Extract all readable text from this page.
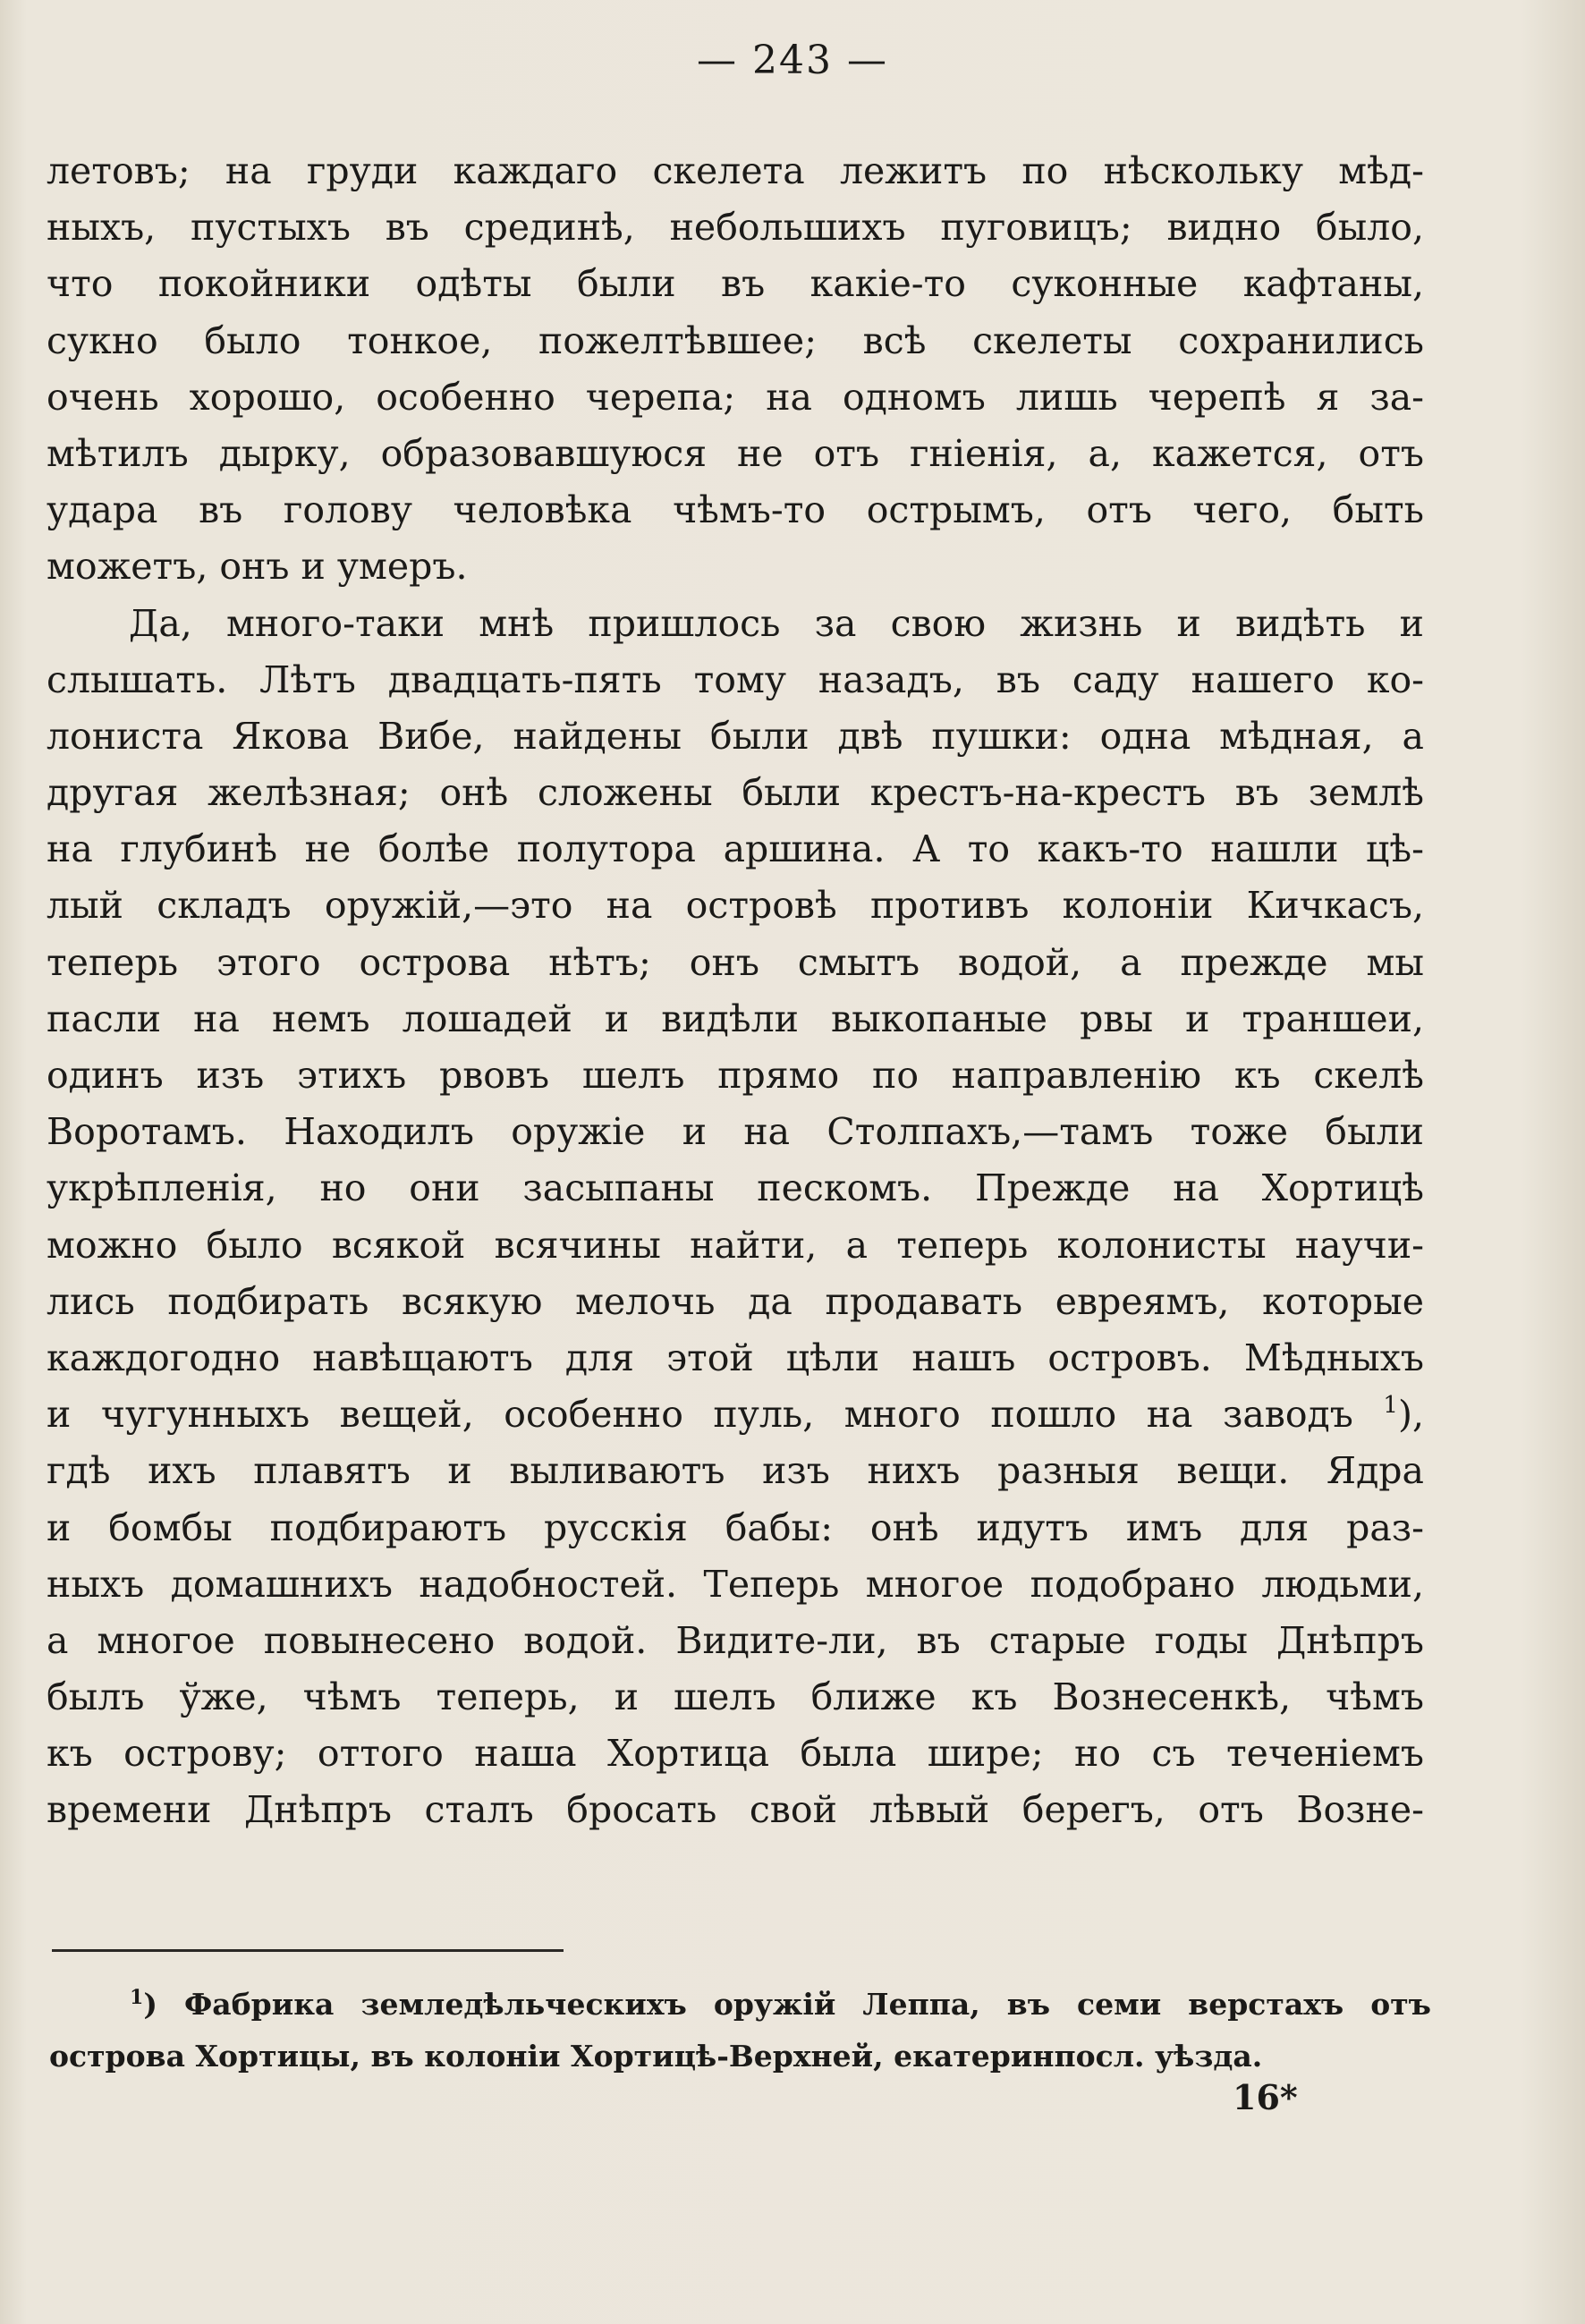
— 243 —
летовъ; на груди каждаго скелета лежитъ по нѣскольку мѣд-
ныхъ, пустыхъ въ срединѣ, небольшихъ пуговицъ; видно было,
что покойники одѣты были въ какіе-то суконные кафтаны,
сукно было тонкое, пожелтѣвшее; всѣ скелеты сохранились
очень хорошо, особенно черепа; на одномъ лишь черепѣ я за-
мѣтилъ дырку, образовавшуюся не отъ гніенія, а, кажется, отъ
удара въ голову человѣка чѣмъ-то острымъ, отъ чего, быть
можетъ, онъ и умеръ.
Да, много-таки мнѣ пришлось за свою жизнь и видѣть и
слышать. Лѣтъ двадцать-пять тому назадъ, въ саду нашего ко-
лониста Якова Вибе, найдены были двѣ пушки: одна мѣдная, а
другая желѣзная; онѣ сложены были крестъ-на-крестъ въ землѣ
на глубинѣ не болѣе полутора аршина. А то какъ-то нашли цѣ-
лый складъ оружій,—это на островѣ противъ колоніи Кичкасъ,
теперь этого острова нѣтъ; онъ смытъ водой, а прежде мы
пасли на немъ лошадей и видѣли выкопаные рвы и траншеи,
одинъ изъ этихъ рвовъ шелъ прямо по направленію къ скелѣ
Воротамъ. Находилъ оружіе и на Столпахъ,—тамъ тоже были
укрѣпленія, но они засыпаны пескомъ. Прежде на Хортицѣ
можно было всякой всячины найти, а теперь колонисты научи-
лись подбирать всякую мелочь да продавать евреямъ, которые
каждогодно навѣщаютъ для этой цѣли нашъ островъ. Мѣдныхъ
и чугунныхъ вещей, особенно пуль, много пошло на заводъ $^1$),
гдѣ ихъ плавятъ и выливаютъ изъ нихъ разныя вещи. Ядра
и бомбы подбираютъ русскія бабы: онѣ идутъ имъ для раз-
ныхъ домашнихъ надобностей. Теперь многое подобрано людьми,
а многое повынесено водой. Видите-ли, въ старые годы Днѣпръ
былъ ўже, чѣмъ теперь, и шелъ ближе къ Вознесенкѣ, чѣмъ
къ острову; оттого наша Хортица была шире; но съ теченіемъ
времени Днѣпръ сталъ бросать свой лѣвый берегъ, отъ Возне-
$^1$) Фабрика земледѣльческихъ оружій Леппа, въ семи верстахъ отъ
острова Хортицы, въ колоніи Хортицѣ-Верхней, екатеринпосл. уѣзда.
16*
